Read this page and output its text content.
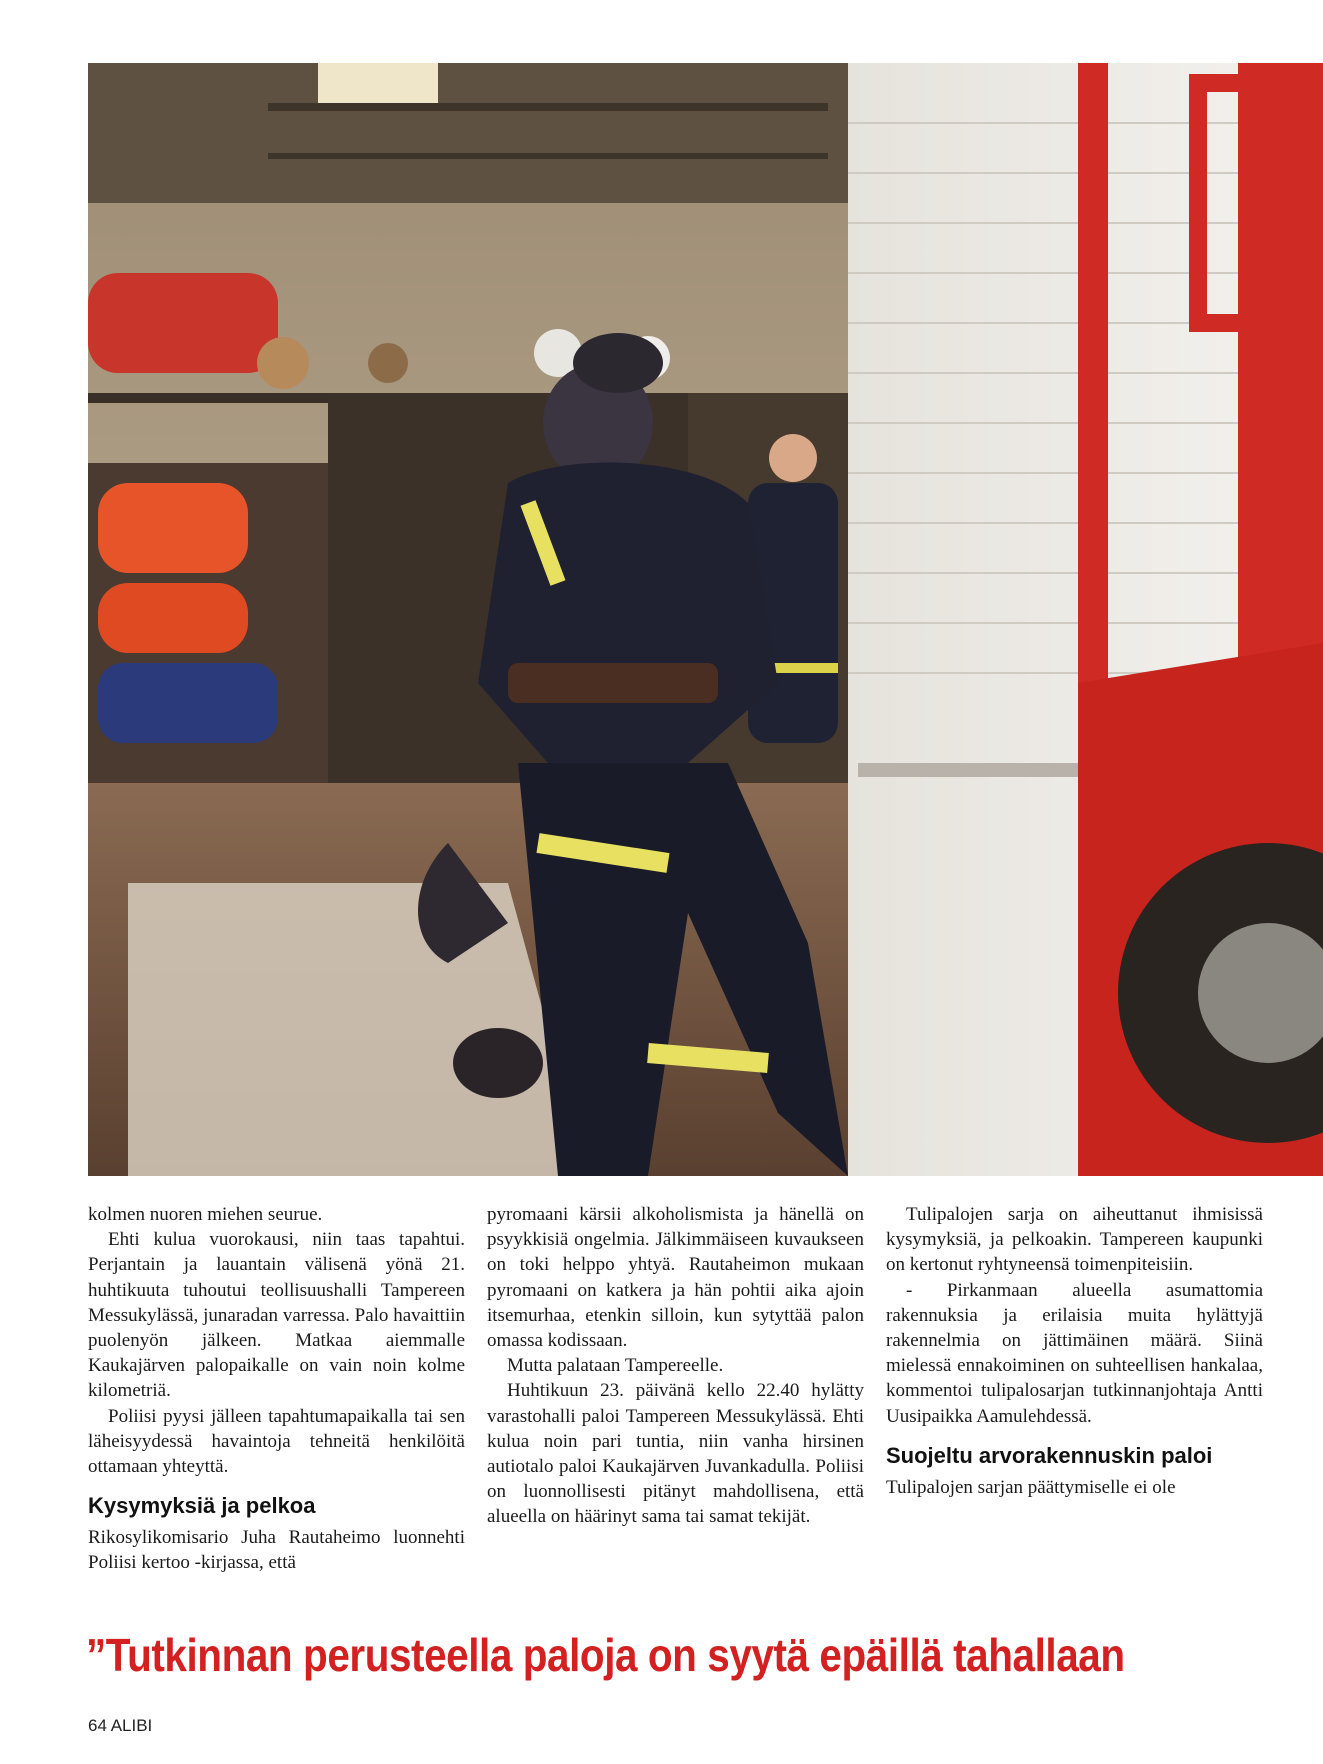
kolmen nuoren miehen seurue.

Ehti kulua vuorokausi, niin taas tapahtui. Perjantain ja lauantain välisenä yönä 21. huhtikuuta tuhoutui teollisuushalli Tampereen Messukylässä, junaradan varressa. Palo havaittiin puolenyön jälkeen. Matkaa aiemmalle Kaukajärven palopaikalle on vain noin kolme kilometriä.

Poliisi pyysi jälleen tapahtumapaikalla tai sen läheisyydessä havaintoja tehneitä henkilöitä ottamaan yhteyttä.

Kysymyksiä ja pelkoa

Rikosylikomisario Juha Rautaheimo luonnehti Poliisi kertoo -kirjassa, että

pyromaani kärsii alkoholismista ja hänellä on psyykkisiä ongelmia. Jälkimmäiseen kuvaukseen on toki helppo yhtyä. Rautaheimon mukaan pyromaani on katkera ja hän pohtii aika ajoin itsemurhaa, etenkin silloin, kun sytyttää palon omassa kodissaan.

Mutta palataan Tampereelle.

Huhtikuun 23. päivänä kello 22.40 hylätty varastohalli paloi Tampereen Messukylässä. Ehti kulua noin pari tuntia, niin vanha hirsinen autiotalo paloi Kaukajärven Juvankadulla. Poliisi on luonnollisesti pitänyt mahdollisena, että alueella on häärinyt sama tai samat tekijät.

Tulipalojen sarja on aiheuttanut ihmisissä kysymyksiä, ja pelkoakin. Tampereen kaupunki on kertonut ryhtyneensä toimenpiteisiin.

- Pirkanmaan alueella asumattomia rakennuksia ja erilaisia muita hylättyjä rakennelmia on jättimäinen määrä. Siinä mielessä ennakoiminen on suhteellisen hankalaa, kommentoi tulipalosarjan tutkinnanjohtaja Antti Uusipaikka Aamulehdessä.

Suojeltu arvorakennuskin paloi

Tulipalojen sarjan päättymiselle ei ole

”Tutkinnan perusteella paloja on syytä epäillä tahallaan
64 ALIBI
